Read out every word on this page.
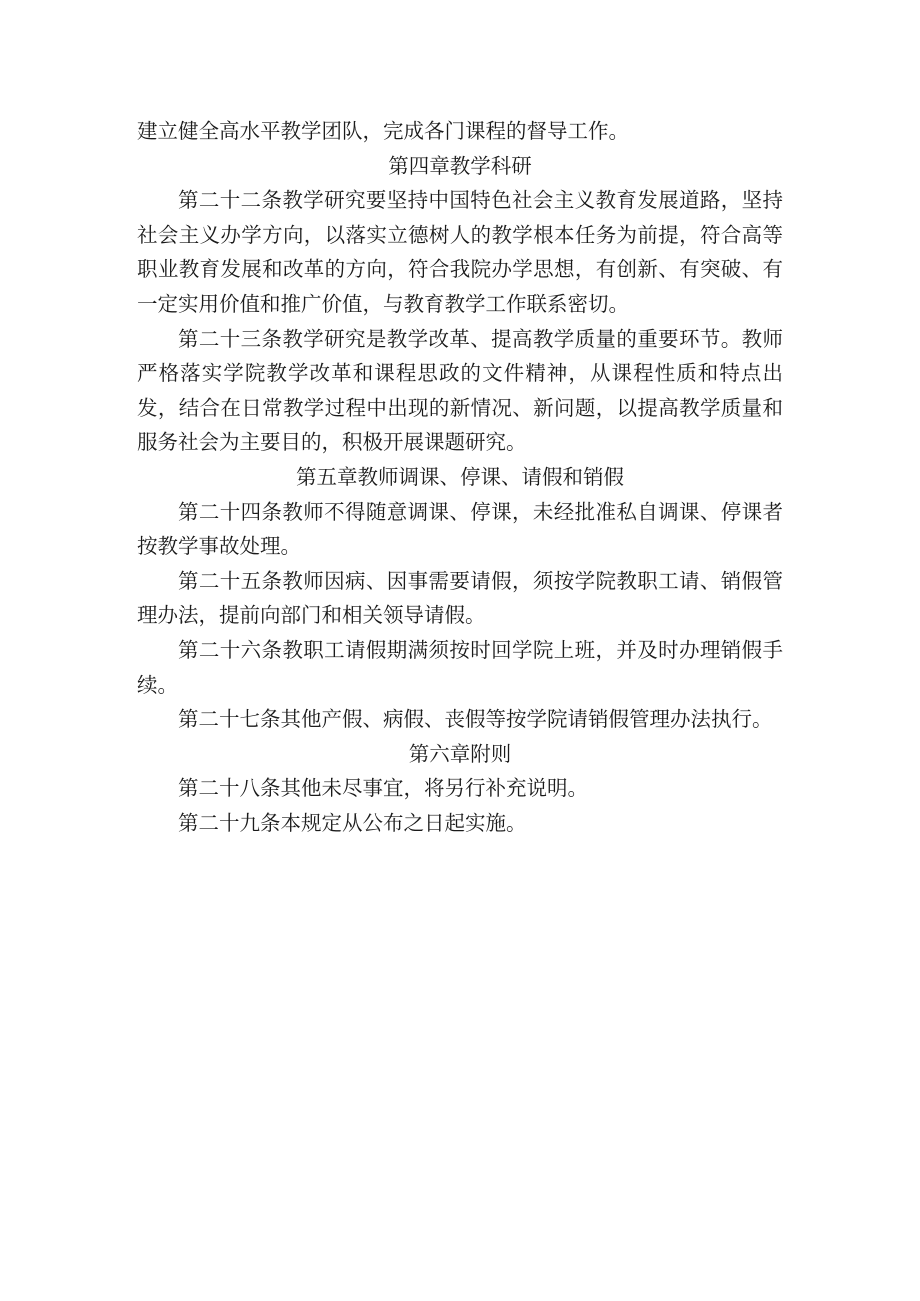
建立健全高水平教学团队，完成各门课程的督导工作。

第四章教学科研

第二十二条教学研究要坚持中国特色社会主义教育发展道路，坚持社会主义办学方向，以落实立德树人的教学根本任务为前提，符合高等职业教育发展和改革的方向，符合我院办学思想，有创新、有突破、有一定实用价值和推广价值，与教育教学工作联系密切。

第二十三条教学研究是教学改革、提高教学质量的重要环节。教师严格落实学院教学改革和课程思政的文件精神，从课程性质和特点出发，结合在日常教学过程中出现的新情况、新问题，以提高教学质量和服务社会为主要目的，积极开展课题研究。

第五章教师调课、停课、请假和销假

第二十四条教师不得随意调课、停课，未经批准私自调课、停课者按教学事故处理。

第二十五条教师因病、因事需要请假，须按学院教职工请、销假管理办法，提前向部门和相关领导请假。

第二十六条教职工请假期满须按时回学院上班，并及时办理销假手续。

第二十七条其他产假、病假、丧假等按学院请销假管理办法执行。

第六章附则

第二十八条其他未尽事宜，将另行补充说明。

第二十九条本规定从公布之日起实施。
